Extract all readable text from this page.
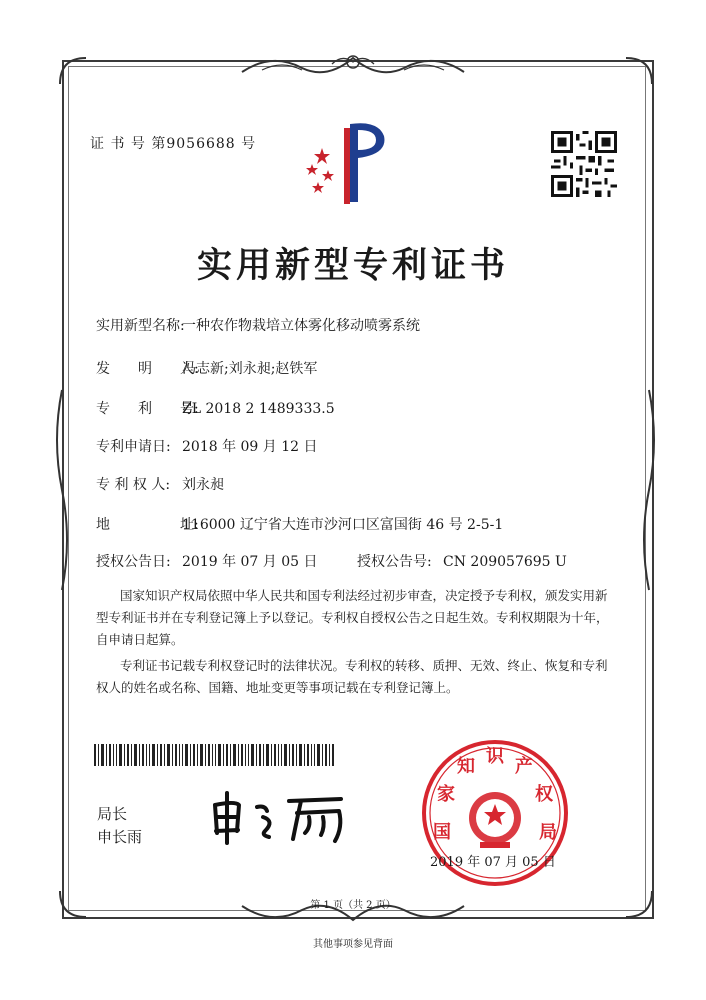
证 书 号 第9056688 号
实用新型专利证书
实用新型名称:一种农作物栽培立体雾化移动喷雾系统
发　　明　　人:冯志新;刘永昶;赵铁军
专　　利　　号:ZL 2018 2 1489333.5
专利申请日: 2018 年 09 月 12 日
专 利 权 人: 刘永昶
地　　　　　址:116000 辽宁省大连市沙河口区富国街 46 号 2-5-1
授权公告日: 2019 年 07 月 05 日	授权公告号: CN 209057695 U

国家知识产权局依照中华人民共和国专利法经过初步审查，决定授予专利权，颁发实用新型专利证书并在专利登记簿上予以登记。专利权自授权公告之日起生效。专利权期限为十年，自申请日起算。

专利证书记载专利权登记时的法律状况。专利权的转移、质押、无效、终止、恢复和专利权人的姓名或名称、国籍、地址变更等事项记载在专利登记簿上。

局长
申长雨	国
家
知 识 产
权
局
2019 年 07 月 05 日
第 1 页（共 2 页）
其他事项参见背面
